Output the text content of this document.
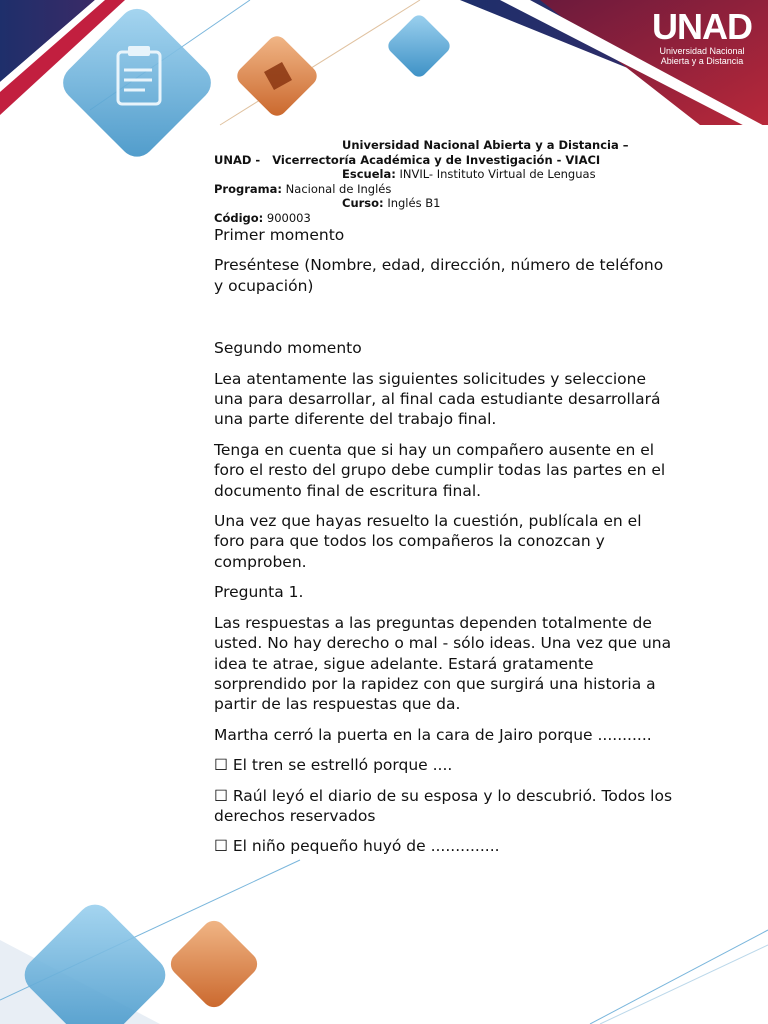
UNAD
Universidad Nacional
Abierta y a Distancia
Universidad Nacional Abierta y a Distancia –
UNAD - Vicerrectoría Académica y de Investigación - VIACI
Escuela: INVIL- Instituto Virtual de Lenguas
Programa: Nacional de Inglés
Curso: Inglés B1
Código: 900003

Primer momento

Preséntese (Nombre, edad, dirección, número de teléfono y ocupación)

Segundo momento

Lea atentamente las siguientes solicitudes y seleccione una para desarrollar, al final cada estudiante desarrollará una parte diferente del trabajo final.

Tenga en cuenta que si hay un compañero ausente en el foro el resto del grupo debe cumplir todas las partes en el documento final de escritura final.

Una vez que hayas resuelto la cuestión, publícala en el foro para que todos los compañeros la conozcan y comproben.

Pregunta 1.

Las respuestas a las preguntas dependen totalmente de usted. No hay derecho o mal - sólo ideas. Una vez que una idea te atrae, sigue adelante. Estará gratamente sorprendido por la rapidez con que surgirá una historia a partir de las respuestas que da.

Martha cerró la puerta en la cara de Jairo porque ...........

☐ El tren se estrelló porque ....

☐ Raúl leyó el diario de su esposa y lo descubrió. Todos los derechos reservados

☐ El niño pequeño huyó de ..............
